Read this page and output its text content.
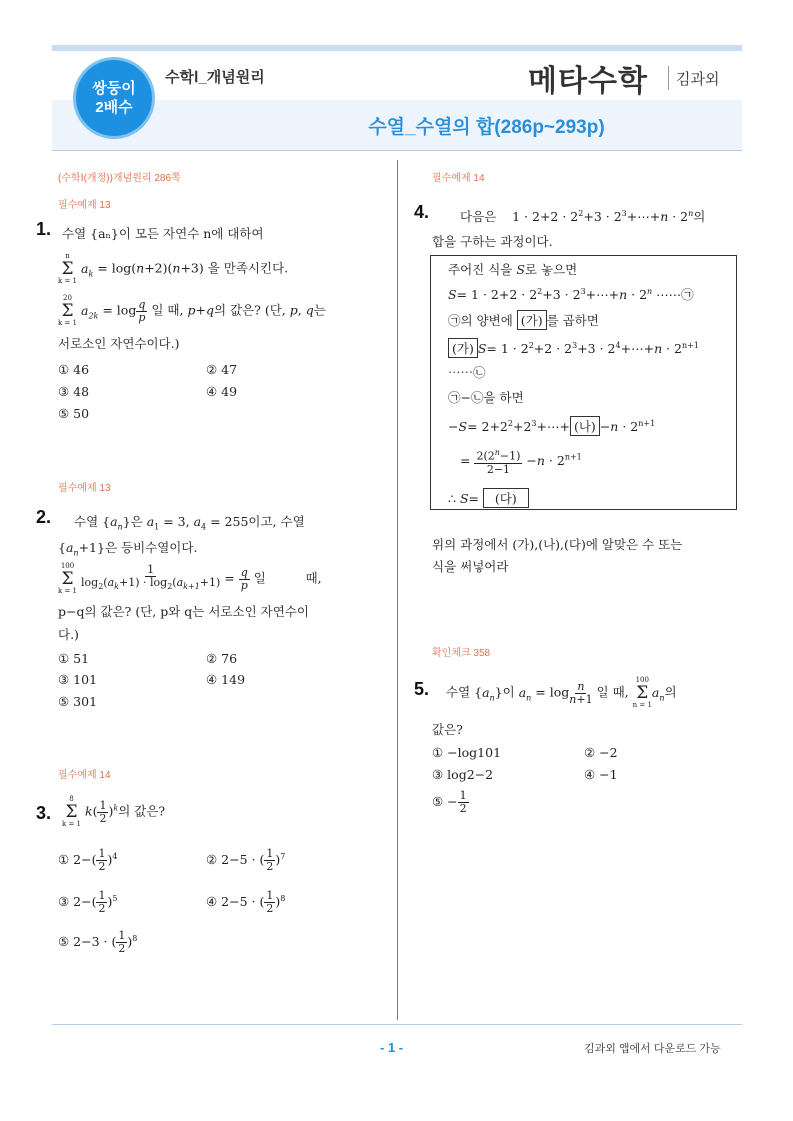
쌍둥이
2배수
수학Ⅰ_개념원리	메타수학 김과외
수열_수열의 합(286p~293p)
(수학Ⅰ(개정))개념원리 286쪽
필수예제 13
1. 수열 {aₙ}이 모든 자연수 n에 대하여
n
Σ
k = 1
$a_k = \log(n+2)(n+3)$ 을 만족시킨다.
20
Σ
k = 1
$a_{2k} = \log \frac{q}{p}$ 일 때, p+q의 값은? (단, p, q는
서로소인 자연수이다.)
① 46	② 47
③ 48	④ 49
⑤ 50
필수예제 13
2. 수열 $\{a_n\}$은 $a_1 = 3$, $a_4 = 255$이고, 수열
$\{a_n+1\}$은 등비수열이다.
100
Σ
k = 1
$\frac{1}{\log_2(a_k+1) \cdot \log_2(a_{k+1}+1)} = \frac{q}{p}$ 일          때,
p−q의 값은? (단, p와 q는 서로소인 자연수이
다.)
① 51	② 76
③ 101	④ 149
⑤ 301
필수예제 14
3.
8
Σ
k = 1
$k( \frac{1}{2} )^k$의 값은?
① $2-( \frac{1}{2} )^4$	② 2−5 · ( $\frac{1}{2} )^7$
③ $2-( \frac{1}{2} )^5$	④ 2−5 · ( $\frac{1}{2} )^8$
⑤ 2−3 · ( $\frac{1}{2} )^8$
필수예제 14
4. 다음은    $1 \cdot 2+2 \cdot 2^2+3$ · $2^3+\cdots+n \cdot 2^n$의
합을 구하는 과정이다.
주어진 식을 S로 놓으면
$S= 1 \cdot 2+2 \cdot 2^2+3$ · $2^3+\cdots+n \cdot 2^n$ ⋯⋯㉠
㉠의 양변에 (가) 를 곱하면
(가) $S= 1 \cdot 2^2+2 \cdot 2^3+3$ · $2^4+\cdots+n \cdot 2^{n+1}$
⋯⋯㉡
㉠−㉡을 하면
$-S= 2+2^2+2^3+\cdots+$ (나) $-n \cdot 2^{n+1}$
= $\frac{2(2^n-1)}{2-1} -n \cdot 2^{n+1}$
∴ S=   (다)
위의 과정에서 (가),(나),(다)에 알맞은 수 또는
식을 써넣어라
확인체크 358
5. 수열 $\{a_n\}$이 $a_n = \log \frac{n}{n+1}$ 일 때,
100
Σ
n = 1
$a_n$의
값은?
① −log101	② −2
③ log2−2	④ −1
⑤ − $\frac{1}{2}$
- 1 -	김과외 앱에서 다운로드 가능
